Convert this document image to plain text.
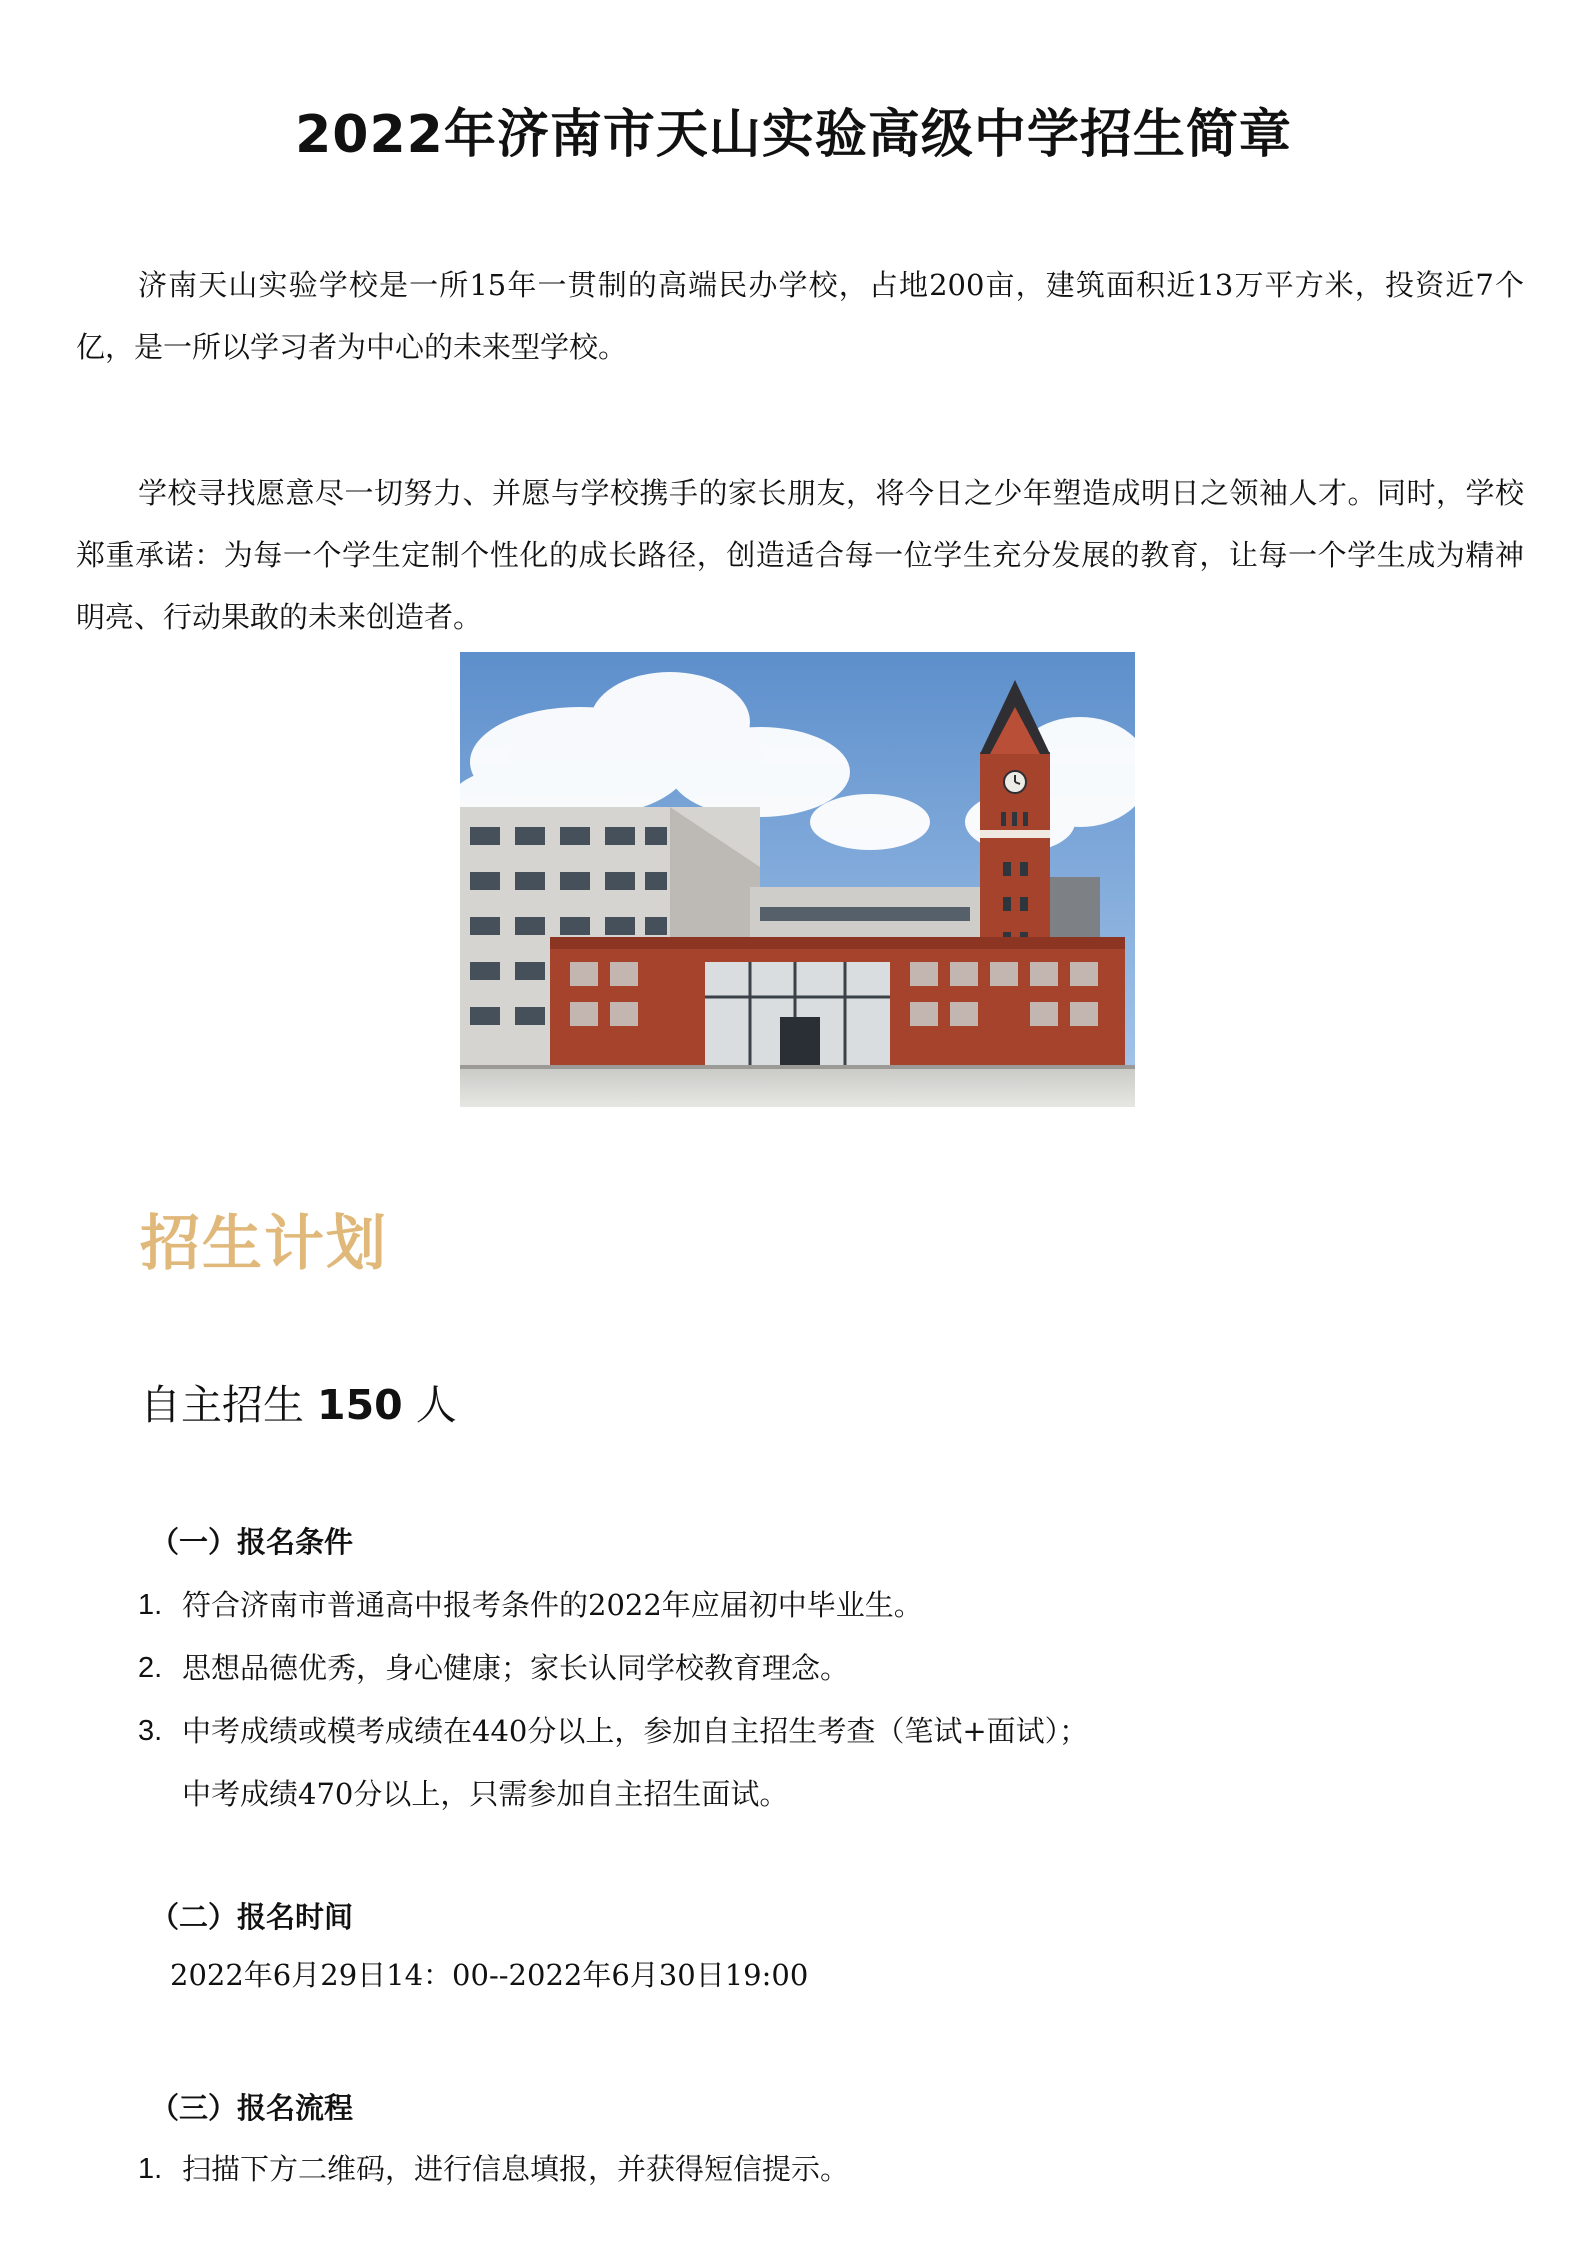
2022年济南市天山实验高级中学招生简章

济南天山实验学校是一所15年一贯制的高端民办学校，占地200亩，建筑面积近13万平方米，投资近7个亿，是一所以学习者为中心的未来型学校。

学校寻找愿意尽一切努力、并愿与学校携手的家长朋友，将今日之少年塑造成明日之领袖人才。同时，学校郑重承诺：为每一个学生定制个性化的成长路径，创造适合每一位学生充分发展的教育，让每一个学生成为精神明亮、行动果敢的未来创造者。

招生计划

自主招生 150 人

（一）报名条件
1. 符合济南市普通高中报考条件的2022年应届初中毕业生。
2. 思想品德优秀，身心健康；家长认同学校教育理念。
3. 中考成绩或模考成绩在440分以上，参加自主招生考查（笔试+面试）；
中考成绩470分以上，只需参加自主招生面试。
（二）报名时间

2022年6月29日14：00--2022年6月30日19:00

（三）报名流程
1. 扫描下方二维码，进行信息填报，并获得短信提示。
